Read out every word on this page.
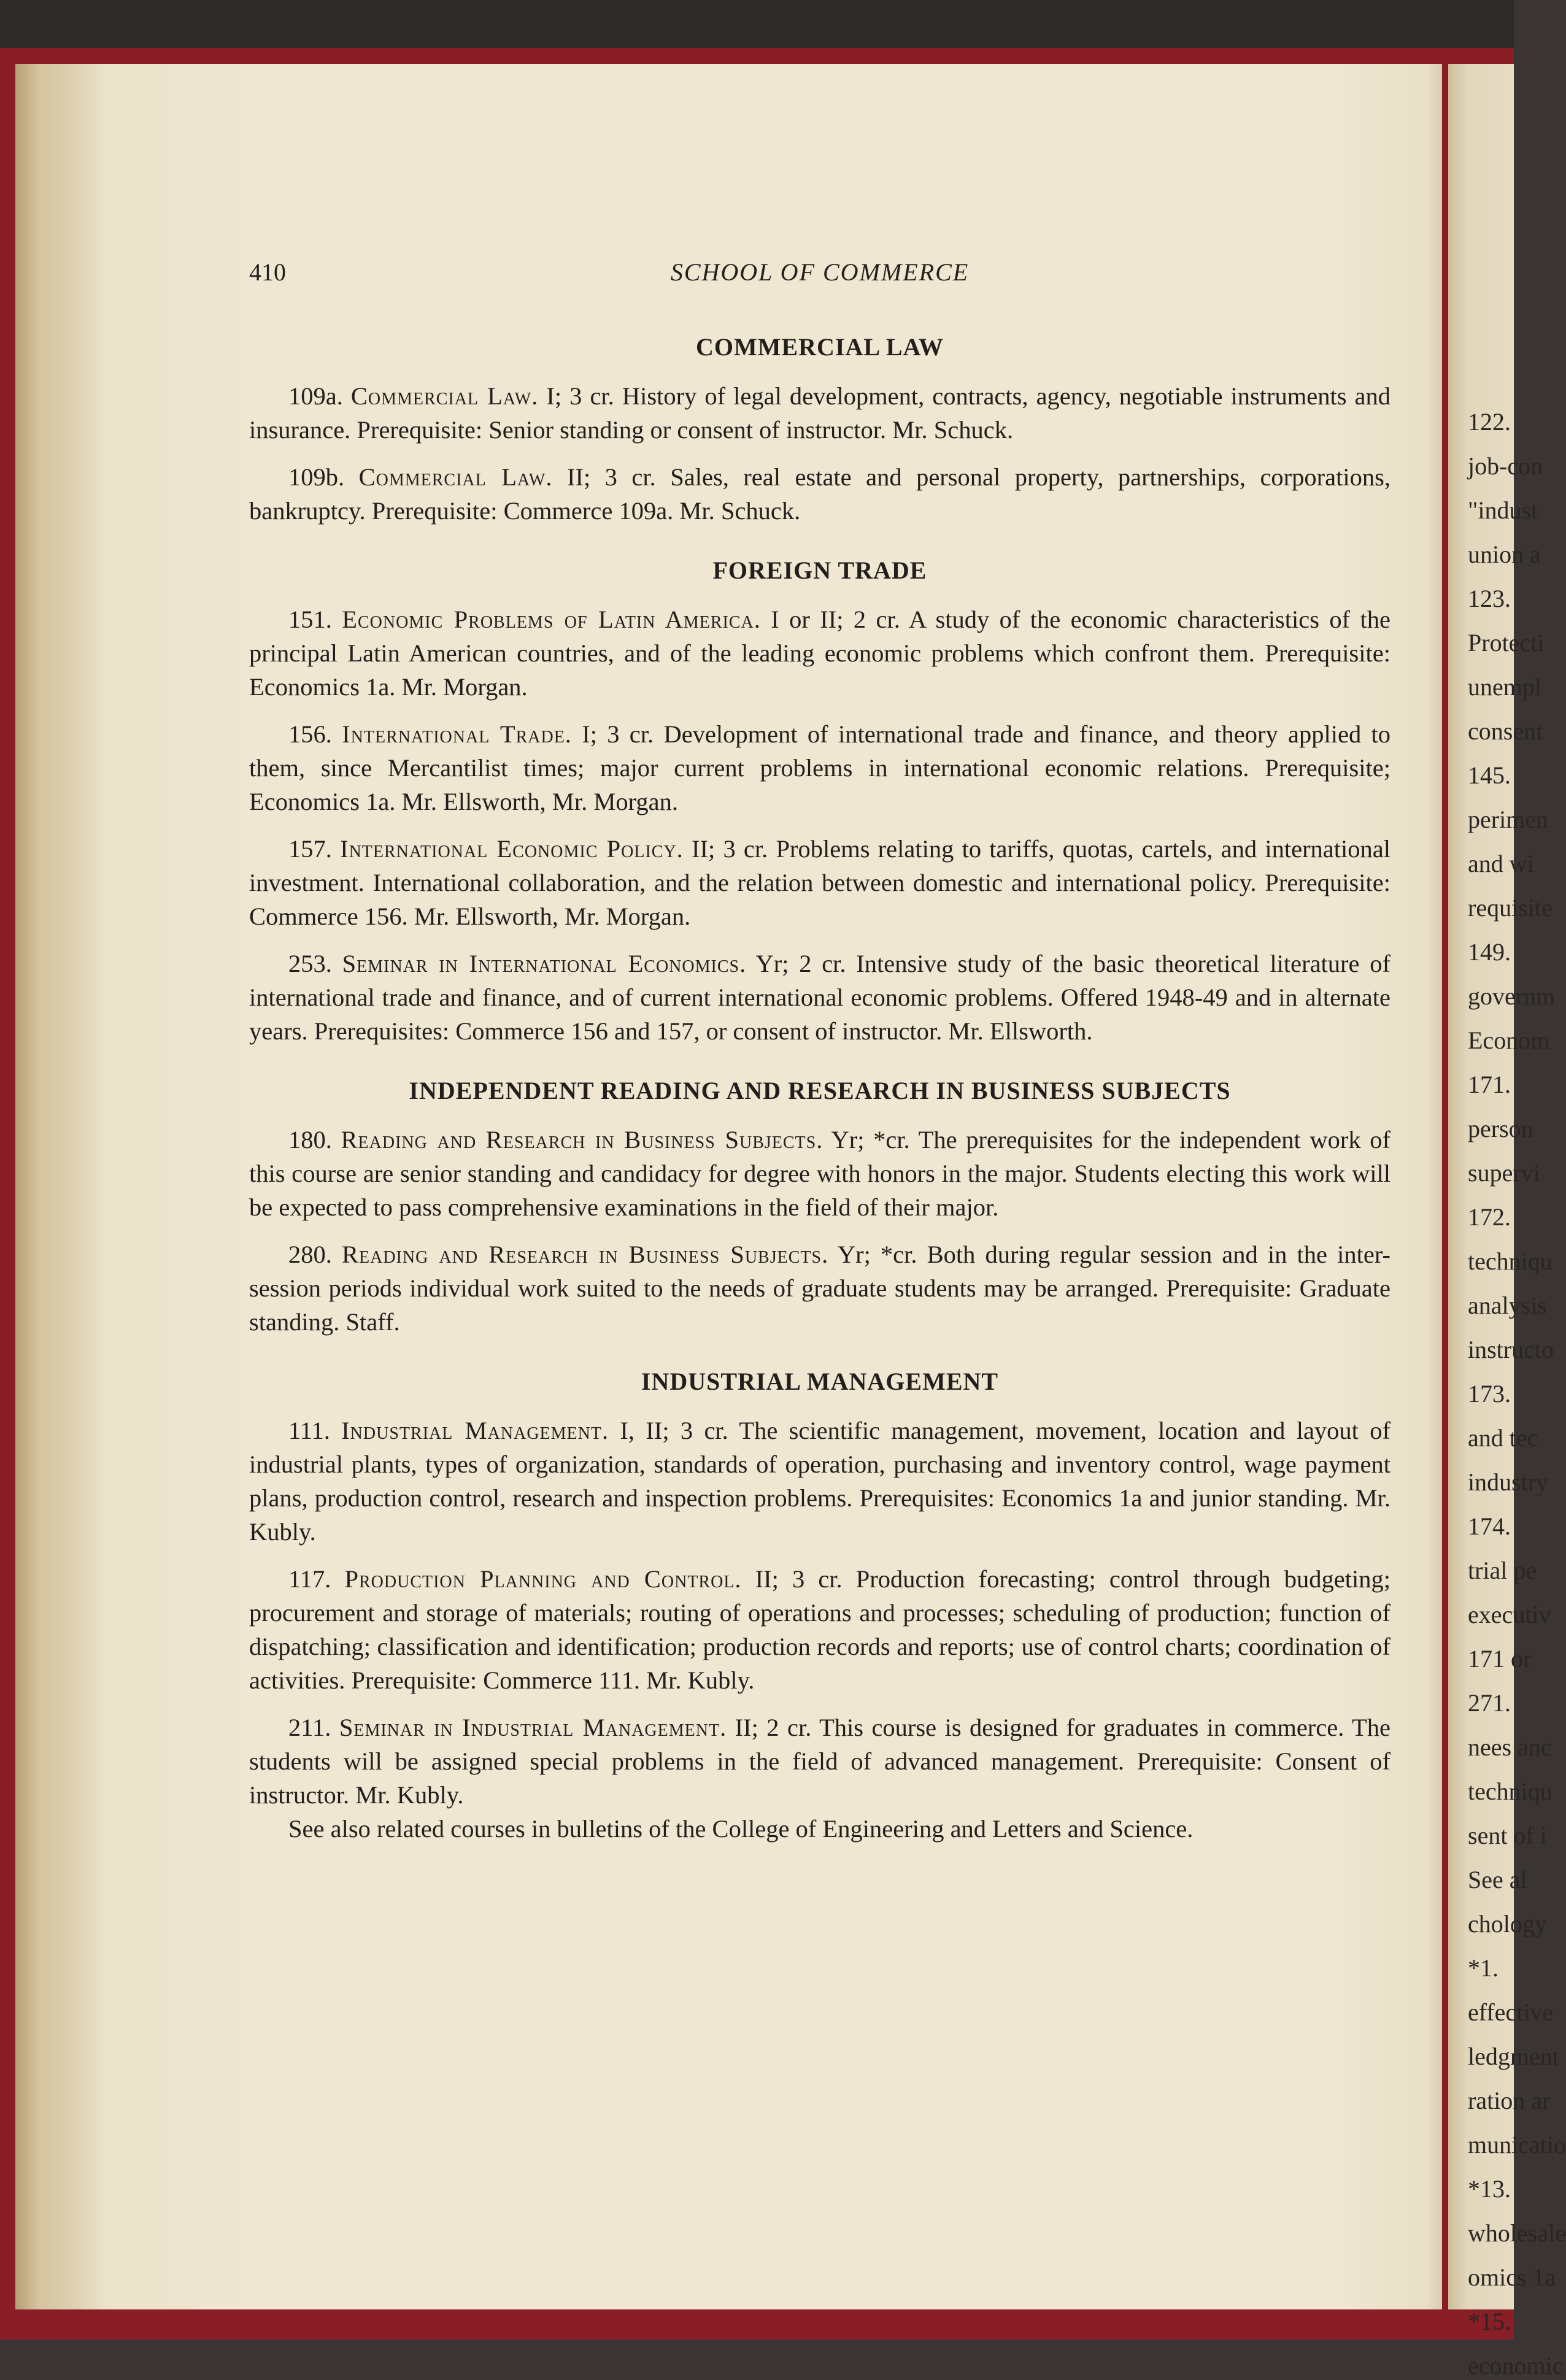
122.
job-con
"indust
union a
123.
Protecti
unempl
consent
145.
perimen
and wi
requisite
149.
governm
Econom
171.
person
supervi
172.
techniqu
analysis
instructo
173.
and tec
industry
174.
trial pe
executiv
171 or
271.
nees anc
techniqu
sent of i
See al
chology
*1.
effective
ledgment
ration ar
municatio
*13.
wholesale
omics 1a
*15.
economic
410	SCHOOL OF COMMERCE
COMMERCIAL LAW

109a. Commercial Law. I; 3 cr. History of legal development, contracts, agency, negotiable instruments and insurance. Prerequisite: Senior standing or consent of instructor. Mr. Schuck.

109b. Commercial Law. II; 3 cr. Sales, real estate and personal property, partnerships, corporations, bankruptcy. Prerequisite: Commerce 109a. Mr. Schuck.

FOREIGN TRADE

151. Economic Problems of Latin America. I or II; 2 cr. A study of the economic characteristics of the principal Latin American countries, and of the leading economic problems which confront them. Prerequisite: Economics 1a. Mr. Morgan.

156. International Trade. I; 3 cr. Development of international trade and finance, and theory applied to them, since Mercantilist times; major current problems in international economic relations. Prerequisite; Economics 1a. Mr. Ellsworth, Mr. Morgan.

157. International Economic Policy. II; 3 cr. Problems relating to tariffs, quotas, cartels, and international investment. International collaboration, and the relation between domestic and international policy. Prerequisite: Commerce 156. Mr. Ellsworth, Mr. Morgan.

253. Seminar in International Economics. Yr; 2 cr. Intensive study of the basic theoretical literature of international trade and finance, and of current international economic problems. Offered 1948-49 and in alternate years. Prerequisites: Commerce 156 and 157, or consent of instructor. Mr. Ellsworth.

INDEPENDENT READING AND RESEARCH IN BUSINESS SUBJECTS

180. Reading and Research in Business Subjects. Yr; *cr. The prerequisites for the independent work of this course are senior standing and candidacy for degree with honors in the major. Students electing this work will be expected to pass comprehensive examinations in the field of their major.

280. Reading and Research in Business Subjects. Yr; *cr. Both during regular session and in the inter-session periods individual work suited to the needs of graduate students may be arranged. Prerequisite: Graduate standing. Staff.

INDUSTRIAL MANAGEMENT

111. Industrial Management. I, II; 3 cr. The scientific management, movement, location and layout of industrial plants, types of organization, standards of operation, purchasing and inventory control, wage payment plans, production control, research and inspection problems. Prerequisites: Economics 1a and junior standing. Mr. Kubly.

117. Production Planning and Control. II; 3 cr. Production forecasting; control through budgeting; procurement and storage of materials; routing of operations and processes; scheduling of production; function of dispatching; classification and identification; production records and reports; use of control charts; coordination of activities. Prerequisite: Commerce 111. Mr. Kubly.

211. Seminar in Industrial Management. II; 2 cr. This course is designed for graduates in commerce. The students will be assigned special problems in the field of advanced management. Prerequisite: Consent of instructor. Mr. Kubly.

See also related courses in bulletins of the College of Engineering and Letters and Science.
